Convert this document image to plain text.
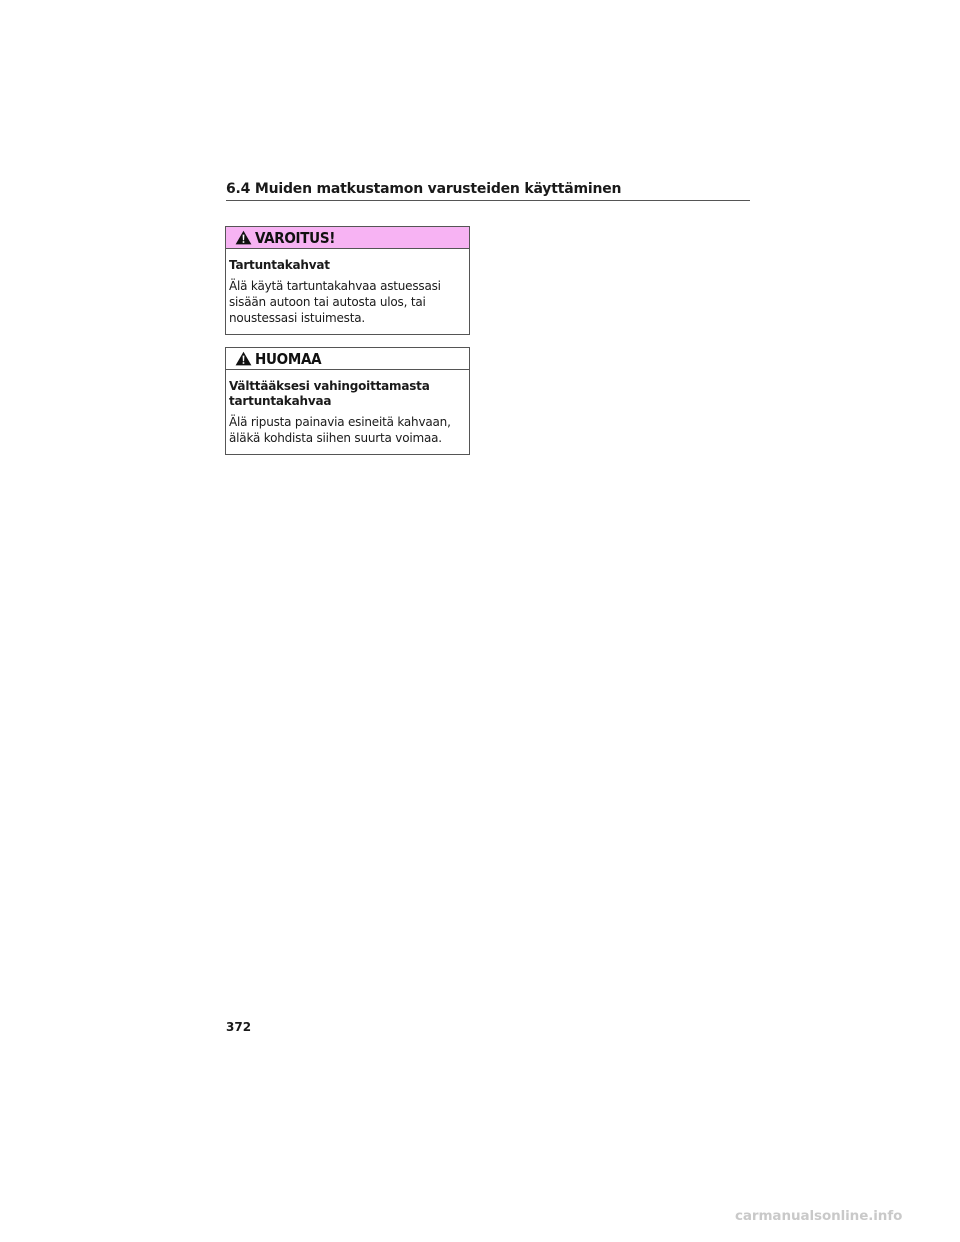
6.4 Muiden matkustamon varusteiden käyttäminen
VAROITUS!

Tartuntakahvat

Älä käytä tartuntakahvaa astuessasi sisään autoon tai autosta ulos, tai noustessasi istuimesta.

HUOMAA

Välttääksesi vahingoittamasta tartuntakahvaa

Älä ripusta painavia esineitä kahvaan, äläkä kohdista siihen suurta voimaa.

372
carmanualsonline.info
